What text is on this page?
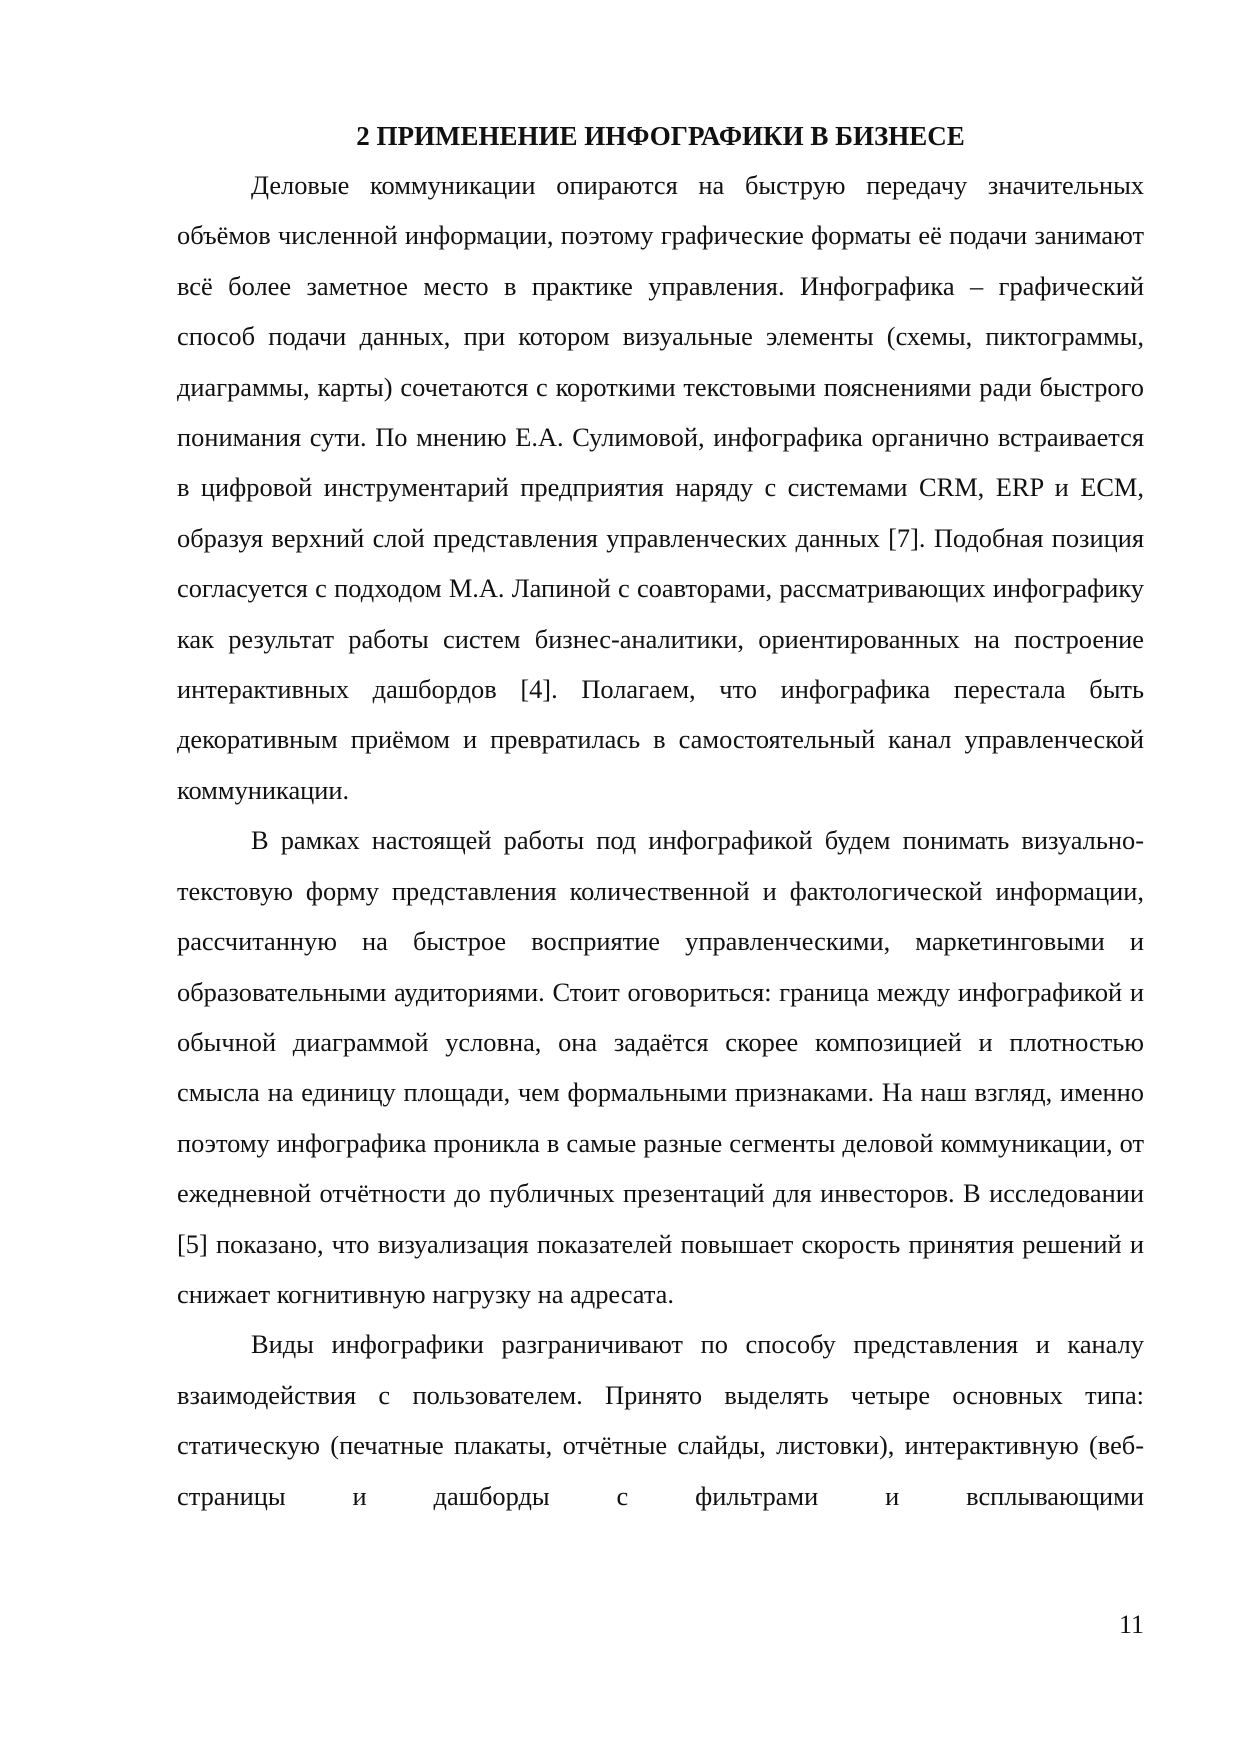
2 ПРИМЕНЕНИЕ ИНФОГРАФИКИ В БИЗНЕСЕ

Деловые коммуникации опираются на быструю передачу значительных объёмов численной информации, поэтому графические форматы её подачи занимают всё более заметное место в практике управления. Инфографика – графический способ подачи данных, при котором визуальные элементы (схемы, пиктограммы, диаграммы, карты) сочетаются с короткими текстовыми пояснениями ради быстрого понимания сути. По мнению Е.А. Сулимовой, инфографика органично встраивается в цифровой инструментарий предприятия наряду с системами CRM, ERP и ECM, образуя верхний слой представления управленческих данных [7]. Подобная позиция согласуется с подходом М.А. Лапиной с соавторами, рассматривающих инфографику как результат работы систем бизнес-аналитики, ориентированных на построение интерактивных дашбордов [4]. Полагаем, что инфографика перестала быть декоративным приёмом и превратилась в самостоятельный канал управленческой коммуникации.

В рамках настоящей работы под инфографикой будем понимать визуально-текстовую форму представления количественной и фактологической информации, рассчитанную на быстрое восприятие управленческими, маркетинговыми и образовательными аудиториями. Стоит оговориться: граница между инфографикой и обычной диаграммой условна, она задаётся скорее композицией и плотностью смысла на единицу площади, чем формальными признаками. На наш взгляд, именно поэтому инфографика проникла в самые разные сегменты деловой коммуникации, от ежедневной отчётности до публичных презентаций для инвесторов. В исследовании [5] показано, что визуализация показателей повышает скорость принятия решений и снижает когнитивную нагрузку на адресата.

Виды инфографики разграничивают по способу представления и каналу взаимодействия с пользователем. Принято выделять четыре основных типа: статическую (печатные плакаты, отчётные слайды, листовки), интерактивную (веб-страницы и дашборды с фильтрами и всплывающими

11
